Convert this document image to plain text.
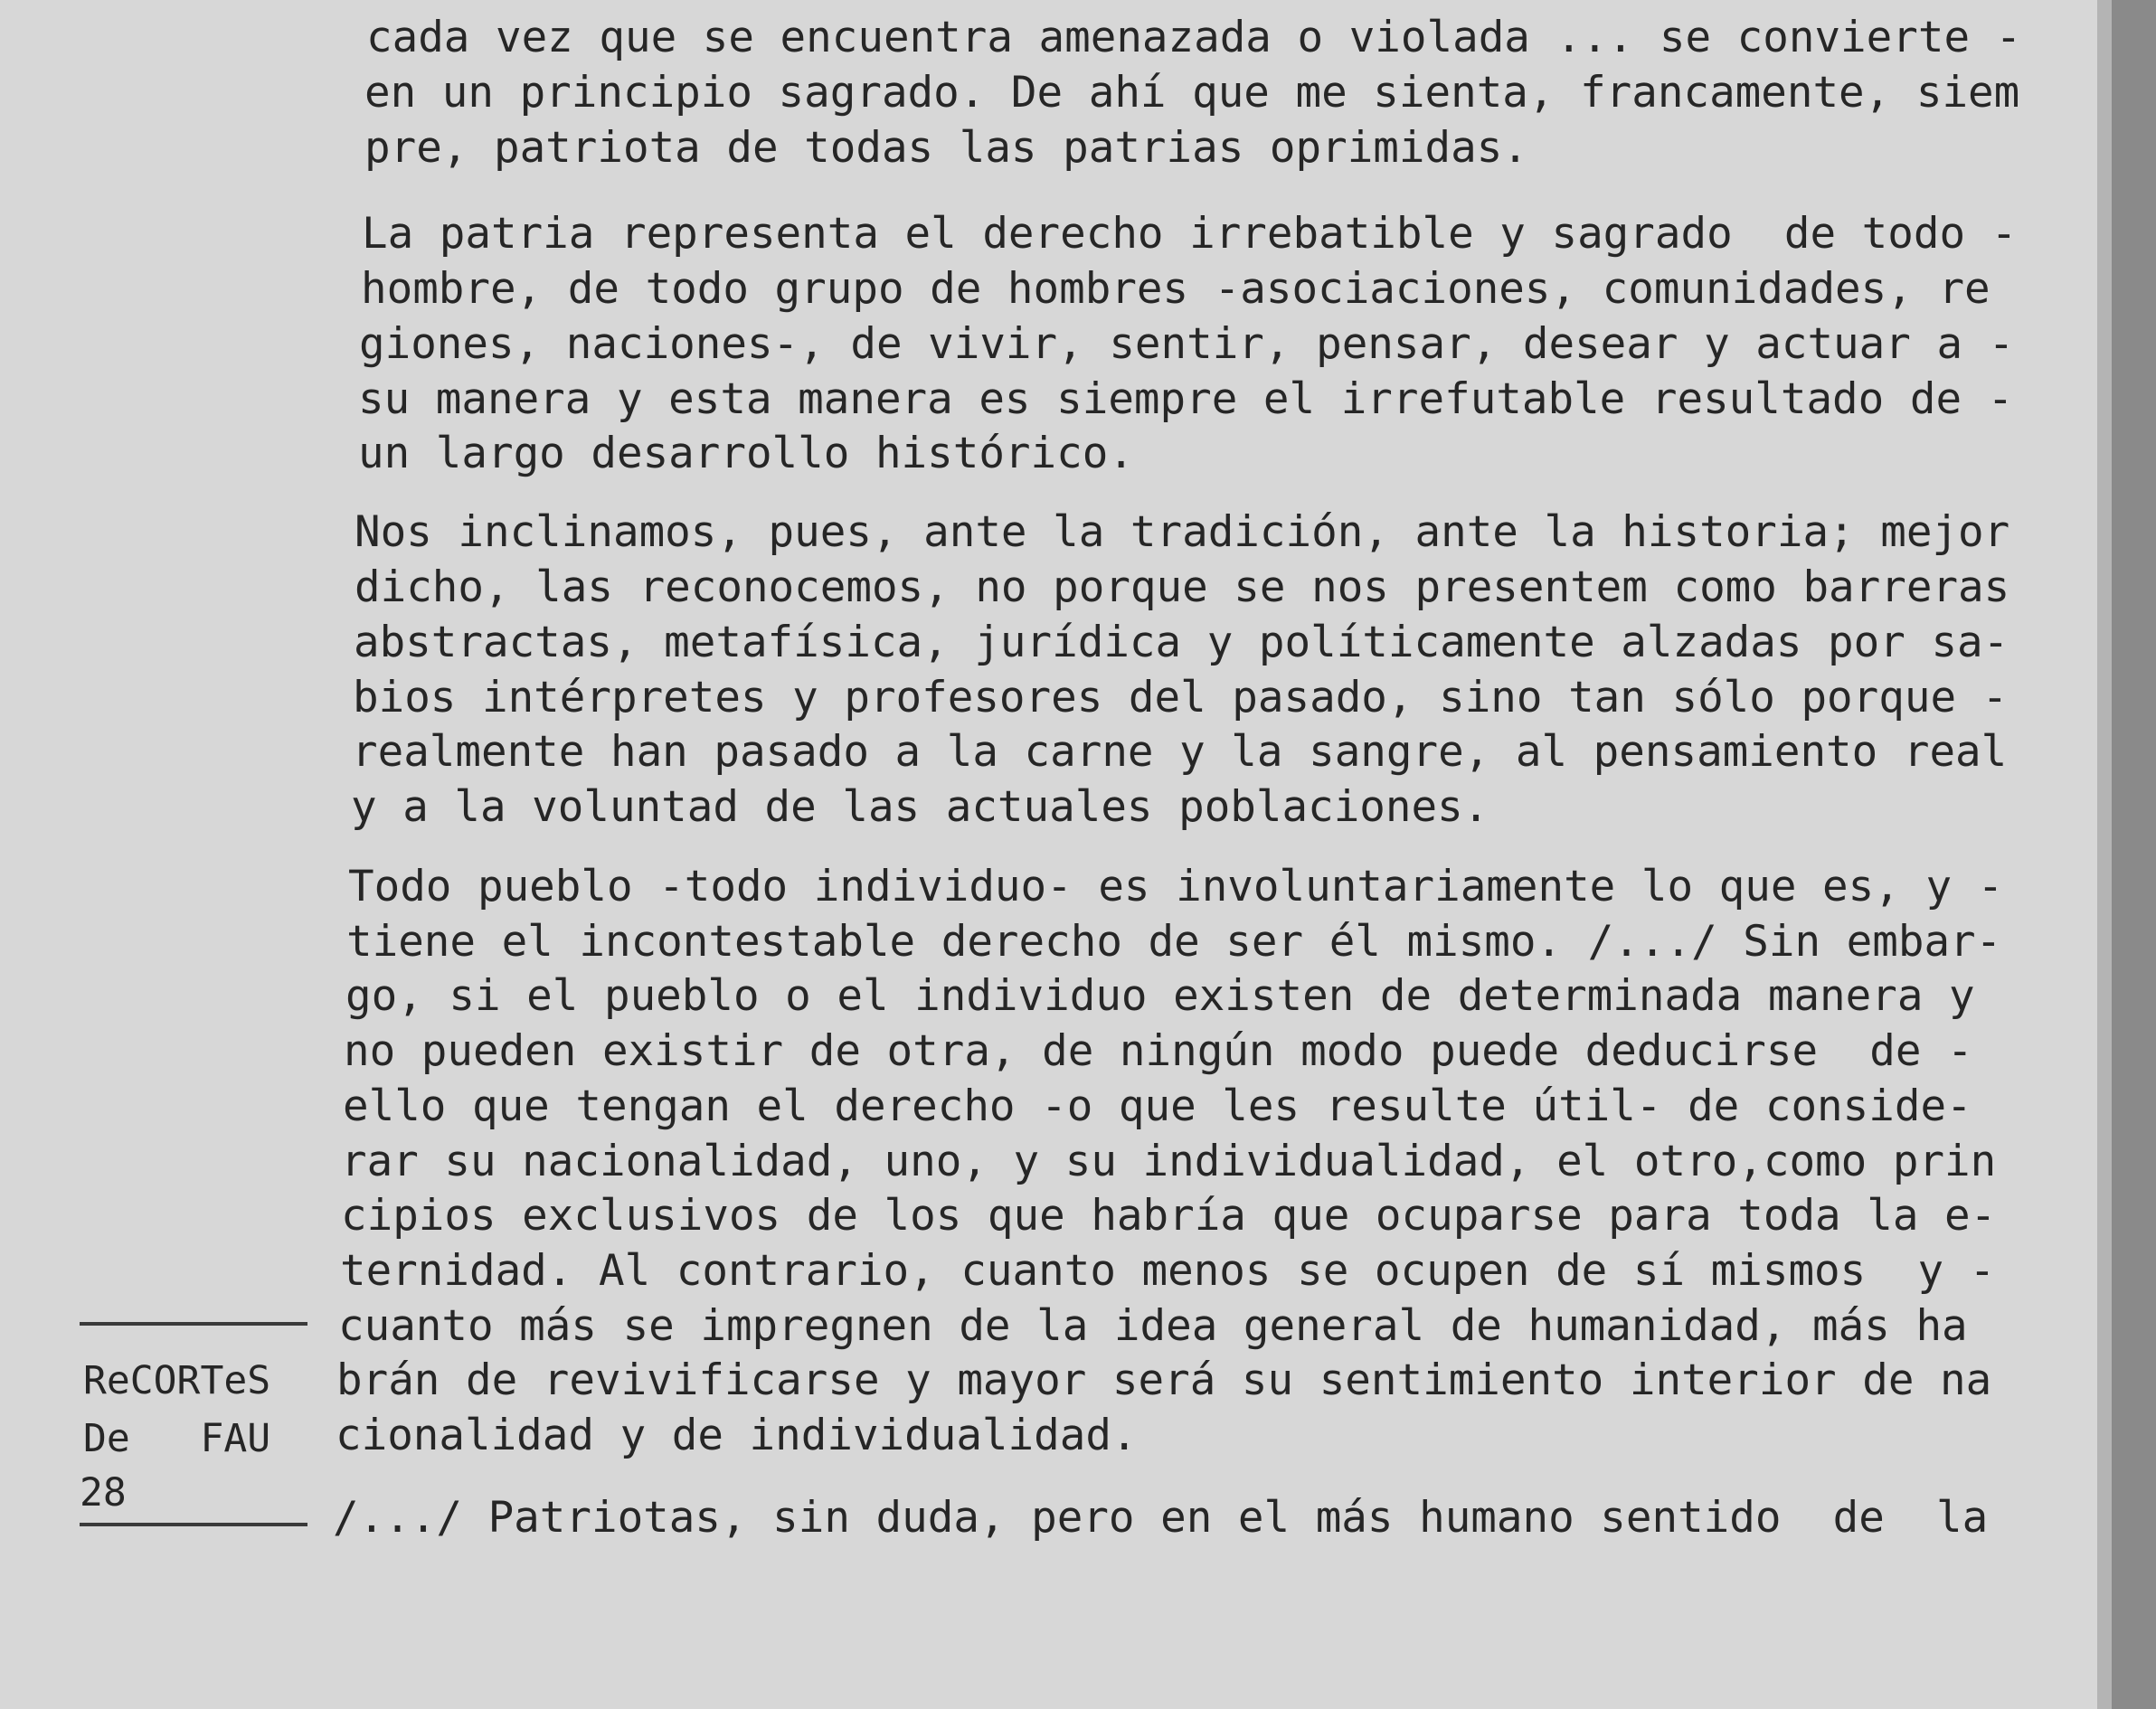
cada vez que se encuentra amenazada o violada ... se convierte -

en un principio sagrado. De ahí que me sienta, francamente, siem

pre, patriota de todas las patrias oprimidas.

La patria representa el derecho irrebatible y sagrado  de todo -

hombre, de todo grupo de hombres -asociaciones, comunidades, re

giones, naciones-, de vivir, sentir, pensar, desear y actuar a -

su manera y esta manera es siempre el irrefutable resultado de -

un largo desarrollo histórico.

Nos inclinamos, pues, ante la tradición, ante la historia; mejor

dicho, las reconocemos, no porque se nos presentem como barreras

abstractas, metafísica, jurídica y políticamente alzadas por sa-

bios intérpretes y profesores del pasado, sino tan sólo porque -

realmente han pasado a la carne y la sangre, al pensamiento real

y a la voluntad de las actuales poblaciones.

Todo pueblo -todo individuo- es involuntariamente lo que es, y -

tiene el incontestable derecho de ser él mismo. /.../ Sin embar-

go, si el pueblo o el individuo existen de determinada manera y

no pueden existir de otra, de ningún modo puede deducirse  de -

ello que tengan el derecho -o que les resulte útil- de conside-

rar su nacionalidad, uno, y su individualidad, el otro,como prin

cipios exclusivos de los que habría que ocuparse para toda la e-

ternidad. Al contrario, cuanto menos se ocupen de sí mismos  y -

cuanto más se impregnen de la idea general de humanidad, más ha

brán de revivificarse y mayor será su sentimiento interior de na

cionalidad y de individualidad.

/.../ Patriotas, sin duda, pero en el más humano sentido  de  la

ReCORTeS

De   FAU

28
